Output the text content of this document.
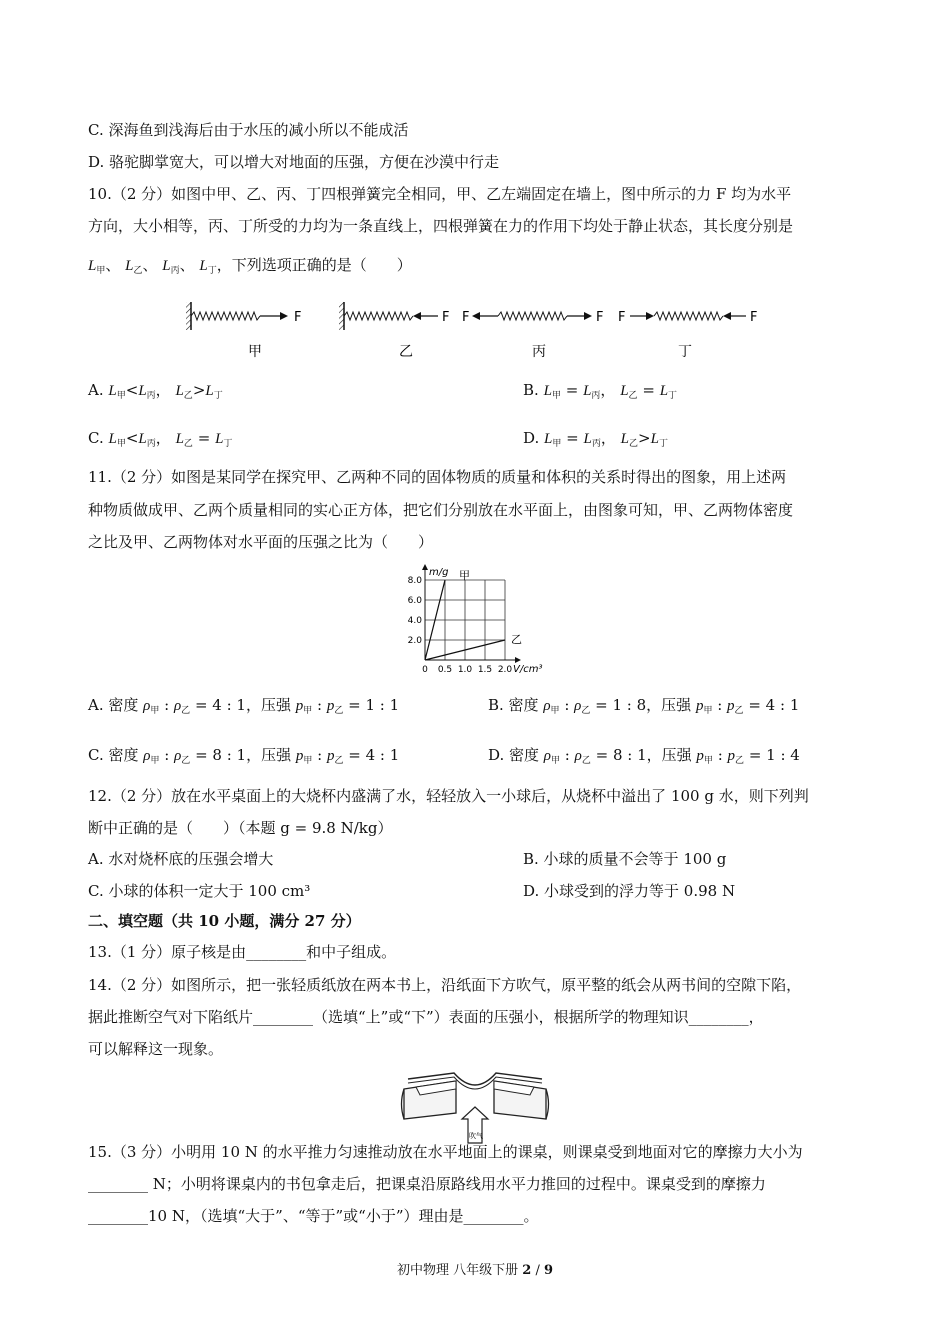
C. 深海鱼到浅海后由于水压的减小所以不能成活
D. 骆驼脚掌宽大，可以增大对地面的压强，方便在沙漠中行走
10.（2 分）如图中甲、乙、丙、丁四根弹簧完全相同，甲、乙左端固定在墙上，图中所示的力 F 均为水平
方向，大小相等，丙、丁所受的力均为一条直线上，四根弹簧在力的作用下均处于静止状态，其长度分别是
$L_甲$、 $L_乙$、 $L_丙$、 $L_丁$，下列选项正确的是（　　）
F	F F	F F	F
甲	乙	丙	丁
A. $L_甲<L_丙$， $L_乙>L_丁$	B. $L_甲 = L_丙$， $L_乙 = L_丁$
C. $L_甲<L_丙$， $L_乙 = L_丁$	D. $L_甲 = L_丙$， $L_乙>L_丁$
11.（2 分）如图是某同学在探究甲、乙两种不同的固体物质的质量和体积的关系时得出的图象，用上述两
种物质做成甲、乙两个质量相同的实心正方体，把它们分别放在水平面上，由图象可知，甲、乙两物体密度
之比及甲、乙两物体对水平面的压强之比为（　　）
0 0.5 1.0 1.5 2.0
2.0
4.0
6.0
8.0	甲
乙
m/g
V/cm³
A. 密度 $\rho_甲$ : $\rho_乙 = 4$ : 1，压强 $p_甲$ : $p_乙 = 1$ : 1	B. 密度 $\rho_甲$ : $\rho_乙 = 1$ : 8，压强 $p_甲$ : $p_乙 = 4$ : 1
C. 密度 $\rho_甲$ : $\rho_乙 = 8$ : 1，压强 $p_甲$ : $p_乙 = 4$ : 1	D. 密度 $\rho_甲$ : $\rho_乙 = 8$ : 1，压强 $p_甲$ : $p_乙 = 1$ : 4
12.（2 分）放在水平桌面上的大烧杯内盛满了水，轻轻放入一小球后，从烧杯中溢出了 100 g 水，则下列判
断中正确的是（　　）（本题 g = 9.8 N/kg）
A. 水对烧杯底的压强会增大	B. 小球的质量不会等于 100 g
C. 小球的体积一定大于 100 cm³	D. 小球受到的浮力等于 0.98 N
二、填空题（共 10 小题，满分 27 分）
13.（1 分）原子核是由________和中子组成。
14.（2 分）如图所示，把一张轻质纸放在两本书上，沿纸面下方吹气，原平整的纸会从两书间的空隙下陷，
据此推断空气对下陷纸片________（选填“上”或“下”）表面的压强小，根据所学的物理知识________，
可以解释这一现象。
吹气
15.（3 分）小明用 10 N 的水平推力匀速推动放在水平地面上的课桌，则课桌受到地面对它的摩擦力大小为
________ N；小明将课桌内的书包拿走后，把课桌沿原路线用水平力推回的过程中。课桌受到的摩擦力
________10 N，（选填“大于”、“等于”或“小于”）理由是________。
初中物理 八年级下册 2 / 9
